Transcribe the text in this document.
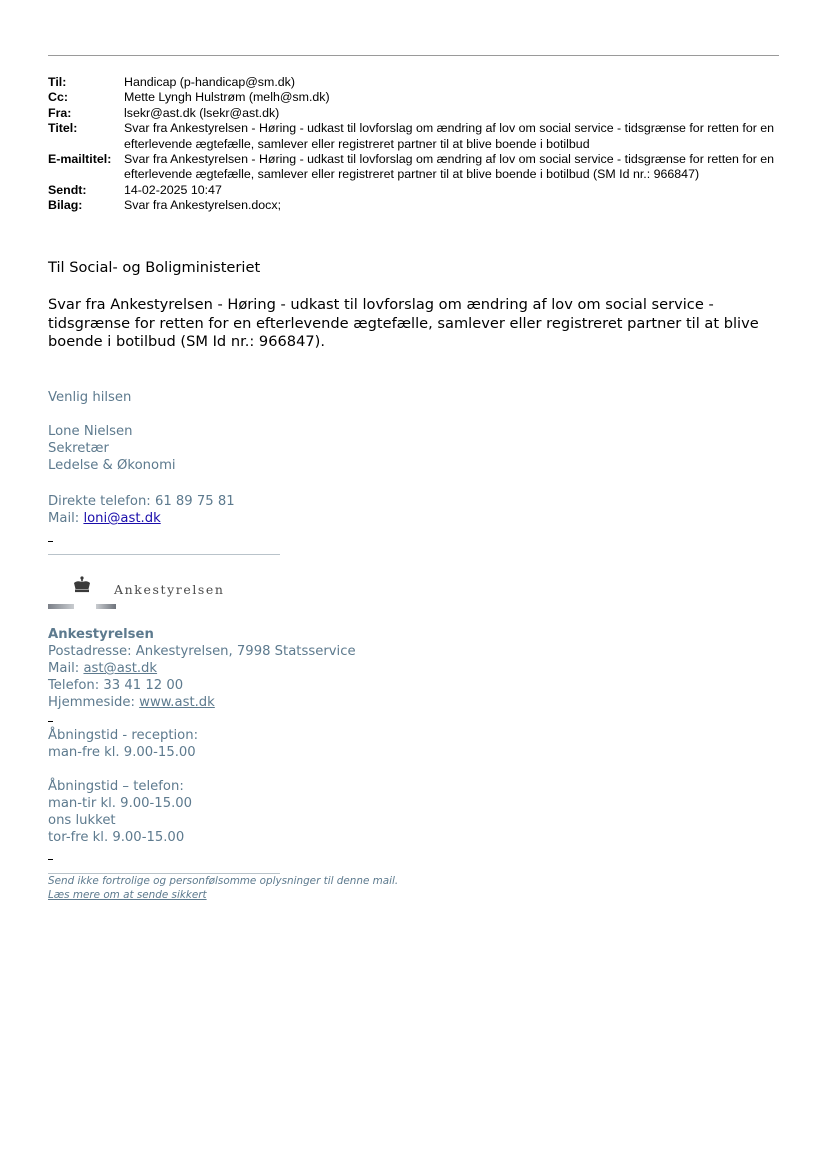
Til:	Handicap (p-handicap@sm.dk)
Cc:	Mette Lyngh Hulstrøm (melh@sm.dk)
Fra:	lsekr@ast.dk (lsekr@ast.dk)
Titel:	Svar fra Ankestyrelsen - Høring - udkast til lovforslag om ændring af lov om social service - tidsgrænse for retten for en efterlevende ægtefælle, samlever eller registreret partner til at blive boende i botilbud
E-mailtitel:	Svar fra Ankestyrelsen - Høring - udkast til lovforslag om ændring af lov om social service - tidsgrænse for retten for en efterlevende ægtefælle, samlever eller registreret partner til at blive boende i botilbud (SM Id nr.: 966847)
Sendt:	14-02-2025 10:47
Bilag:	Svar fra Ankestyrelsen.docx;
Til Social- og Boligministeriet
Svar fra Ankestyrelsen - Høring - udkast til lovforslag om ændring af lov om social service - tidsgrænse for retten for en efterlevende ægtefælle, samlever eller registreret partner til at blive boende i botilbud (SM Id nr.: 966847).
Venlig hilsen
Lone Nielsen
Sekretær
Ledelse & Økonomi
Direkte telefon: 61 89 75 81
Mail: loni@ast.dk
Ankestyrelsen
Ankestyrelsen
Postadresse: Ankestyrelsen, 7998 Statsservice
Mail: ast@ast.dk
Telefon: 33 41 12 00
Hjemmeside: www.ast.dk
Åbningstid - reception:
man-fre kl. 9.00-15.00
Åbningstid – telefon:
man-tir kl. 9.00-15.00
ons lukket
tor-fre kl. 9.00-15.00
Send ikke fortrolige og personfølsomme oplysninger til denne mail.
Læs mere om at sende sikkert
